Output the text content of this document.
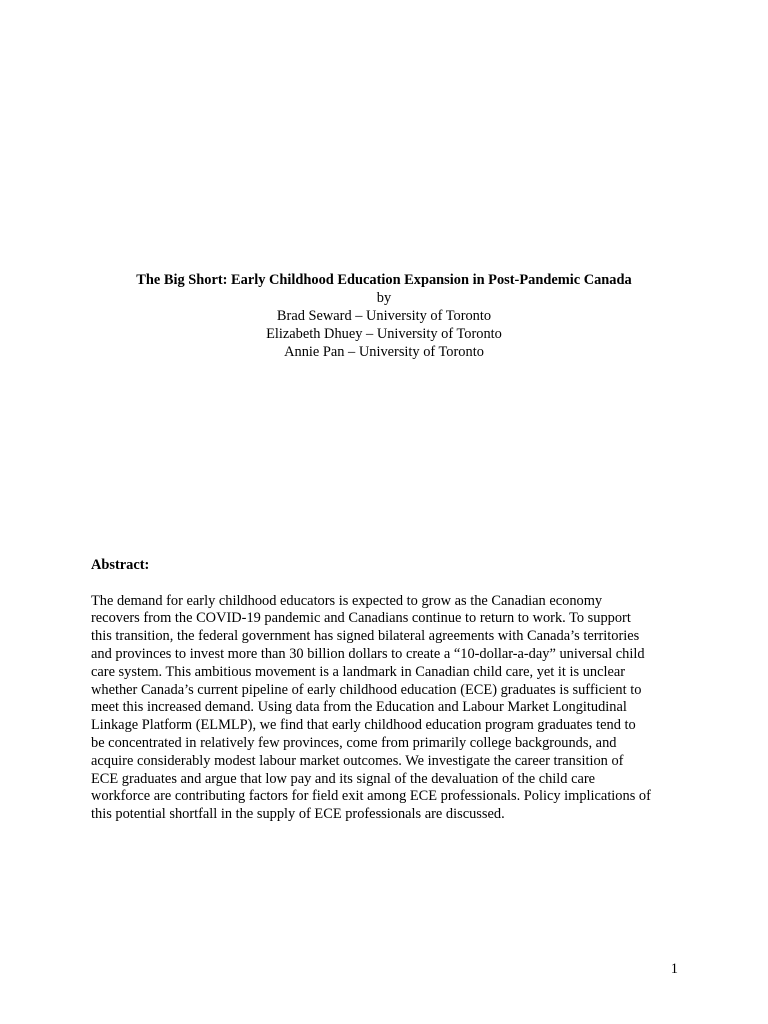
The Big Short: Early Childhood Education Expansion in Post-Pandemic Canada
by
Brad Seward – University of Toronto
Elizabeth Dhuey – University of Toronto
Annie Pan – University of Toronto
Abstract:
The demand for early childhood educators is expected to grow as the Canadian economy
recovers from the COVID-19 pandemic and Canadians continue to return to work. To support
this transition, the federal government has signed bilateral agreements with Canada’s territories
and provinces to invest more than 30 billion dollars to create a “10-dollar-a-day” universal child
care system. This ambitious movement is a landmark in Canadian child care, yet it is unclear
whether Canada’s current pipeline of early childhood education (ECE) graduates is sufficient to
meet this increased demand. Using data from the Education and Labour Market Longitudinal
Linkage Platform (ELMLP), we find that early childhood education program graduates tend to
be concentrated in relatively few provinces, come from primarily college backgrounds, and
acquire considerably modest labour market outcomes. We investigate the career transition of
ECE graduates and argue that low pay and its signal of the devaluation of the child care
workforce are contributing factors for field exit among ECE professionals. Policy implications of
this potential shortfall in the supply of ECE professionals are discussed.
1
